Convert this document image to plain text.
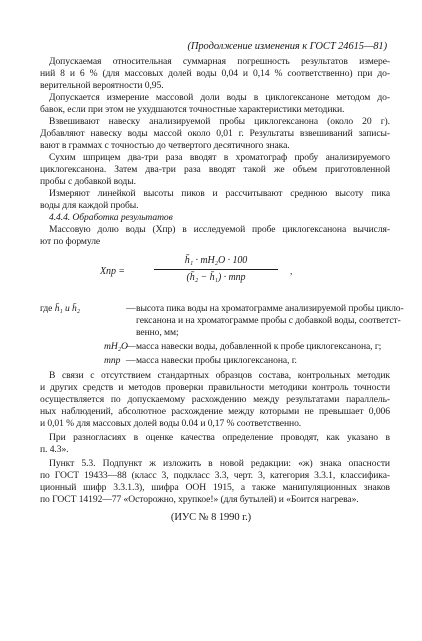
(Продолжение изменения к ГОСТ 24615—81)
Допускаемая относительная суммарная погрешность результатов измере-
ний 8 и 6 % (для массовых долей воды 0,04 и 0,14 % соответственно) при до-
верительной вероятности 0,95.
Допускается измерение массовой доли воды в циклогексаноне методом до-
бавок, если при этом не ухудшаются точностные характеристики методики.
Взвешивают навеску анализируемой пробы циклогексанона (около 20 г).
Добавляют навеску воды массой около 0,01 г. Результаты взвешиваний записы-
вают в граммах с точностью до четвертого десятичного знака.
Сухим шприцем два-три раза вводят в хроматограф пробу анализируемого
циклогексанона. Затем два-три раза вводят такой же объем приготовленной
пробы с добавкой воды.
Измеряют линейкой высоты пиков и рассчитывают среднюю высоту пика
воды для каждой пробы.
4.4.4. Обработка результатов
Массовую долю воды (Xпр) в исследуемой пробе циклогексанона вычисля-
ют по формуле
Xпр =
h̄₁ · mH₂O · 100
(h̄₂ − h̄₁) · mпр
,
где h̄₁ и h̄₂	— высота пика воды на хроматограмме анализируемой пробы цикло-
гексанона и на хроматограмме пробы с добавкой воды, соответст-
венно, мм;
mH₂O
— масса навески воды, добавленной к пробе циклогексанона, г;
mпр — масса навески пробы циклогексанона, г.
В связи с отсутствием стандартных образцов состава, контрольных методик
и других средств и методов проверки правильности методики контроль точности
осуществляется по допускаемому расхождению между результатами параллель-
ных наблюдений, абсолютное расхождение между которыми не превышает 0,006
и 0,01 % для массовых долей воды 0.04 и 0,17 % соответственно.
При разногласиях в оценке качества определение проводят, как указано в
п. 4.3».
Пункт 5.3. Подпункт ж изложить в новой редакции: «ж) знака опасности
по ГОСТ 19433—88 (класс 3, подкласс 3.3, черт. 3, категория 3.3.1, классифика-
ционный шифр 3.3.1.3), шифра ООН 1915, а также манипуляционных знаков
по ГОСТ 14192—77 «Осторожно, хрупкое!» (для бутылей) и «Боится нагрева».
(ИУС № 8 1990 г.)
